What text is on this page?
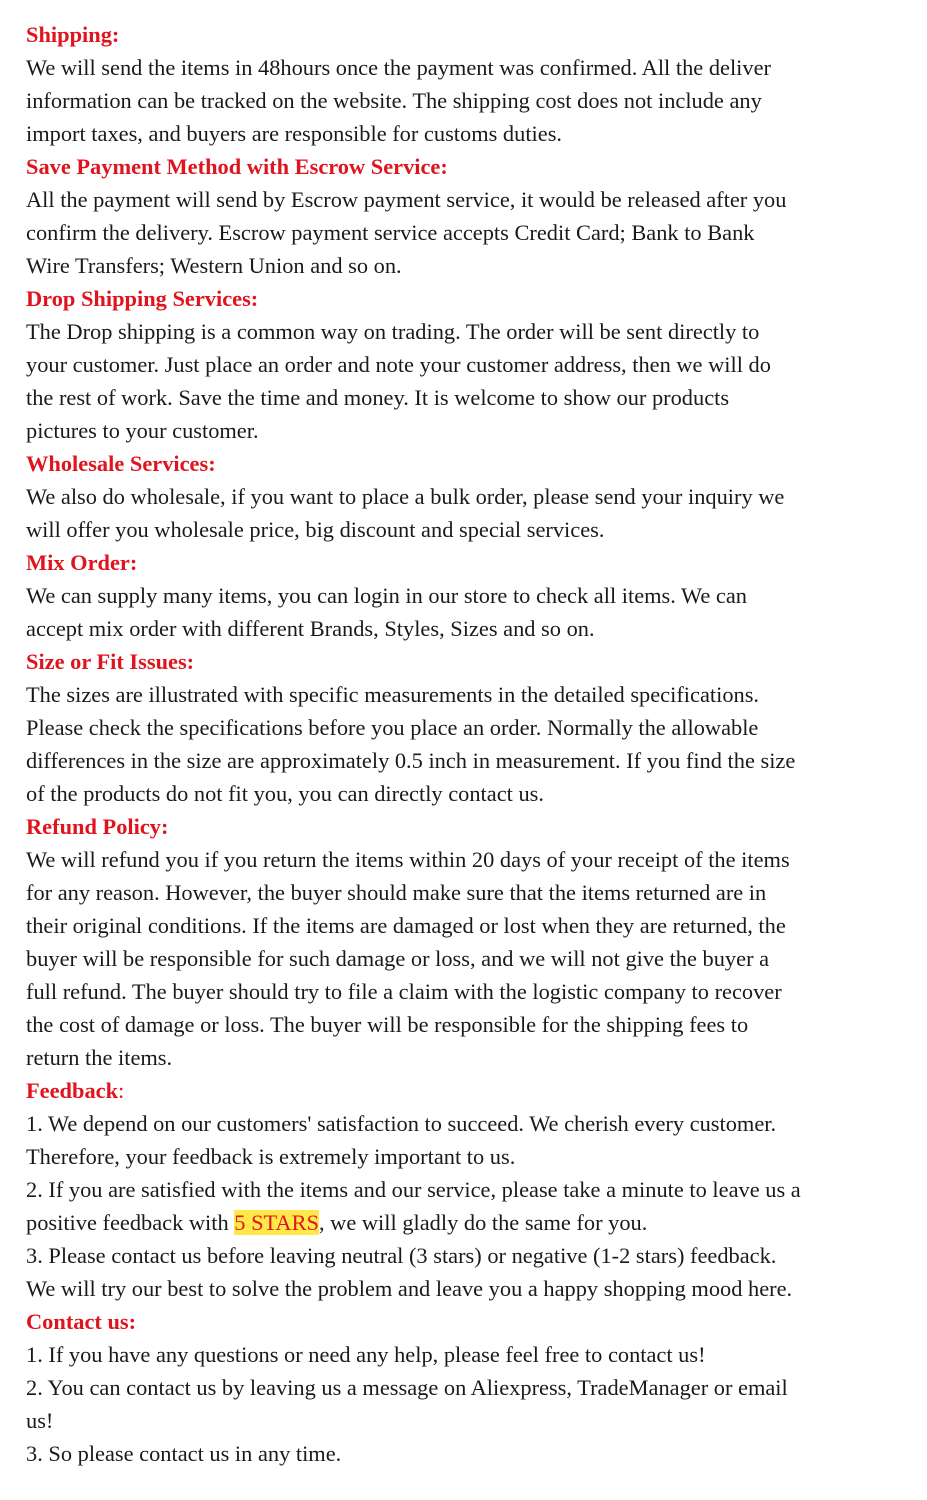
Shipping:

We will send the items in 48hours once the payment was confirmed. All the deliver

information can be tracked on the website. The shipping cost does not include any

import taxes, and buyers are responsible for customs duties.

Save Payment Method with Escrow Service:

All the payment will send by Escrow payment service, it would be released after you

confirm the delivery. Escrow payment service accepts Credit Card; Bank to Bank

Wire Transfers; Western Union and so on.

Drop Shipping Services:

The Drop shipping is a common way on trading. The order will be sent directly to

your customer. Just place an order and note your customer address, then we will do

the rest of work. Save the time and money. It is welcome to show our products

pictures to your customer.

Wholesale Services:

We also do wholesale, if you want to place a bulk order, please send your inquiry we

will offer you wholesale price, big discount and special services.

Mix Order:

We can supply many items, you can login in our store to check all items. We can

accept mix order with different Brands, Styles, Sizes and so on.

Size or Fit Issues:

The sizes are illustrated with specific measurements in the detailed specifications.

Please check the specifications before you place an order. Normally the allowable

differences in the size are approximately 0.5 inch in measurement. If you find the size

of the products do not fit you, you can directly contact us.

Refund Policy:

We will refund you if you return the items within 20 days of your receipt of the items

for any reason. However, the buyer should make sure that the items returned are in

their original conditions. If the items are damaged or lost when they are returned, the

buyer will be responsible for such damage or loss, and we will not give the buyer a

full refund. The buyer should try to file a claim with the logistic company to recover

the cost of damage or loss. The buyer will be responsible for the shipping fees to

return the items.

Feedback:

1. We depend on our customers' satisfaction to succeed. We cherish every customer.

Therefore, your feedback is extremely important to us.

2. If you are satisfied with the items and our service, please take a minute to leave us a

positive feedback with 5 STARS, we will gladly do the same for you.

3. Please contact us before leaving neutral (3 stars) or negative (1-2 stars) feedback.

We will try our best to solve the problem and leave you a happy shopping mood here.

Contact us:

1. If you have any questions or need any help, please feel free to contact us!

2. You can contact us by leaving us a message on Aliexpress, TradeManager or email

us!

3. So please contact us in any time.
